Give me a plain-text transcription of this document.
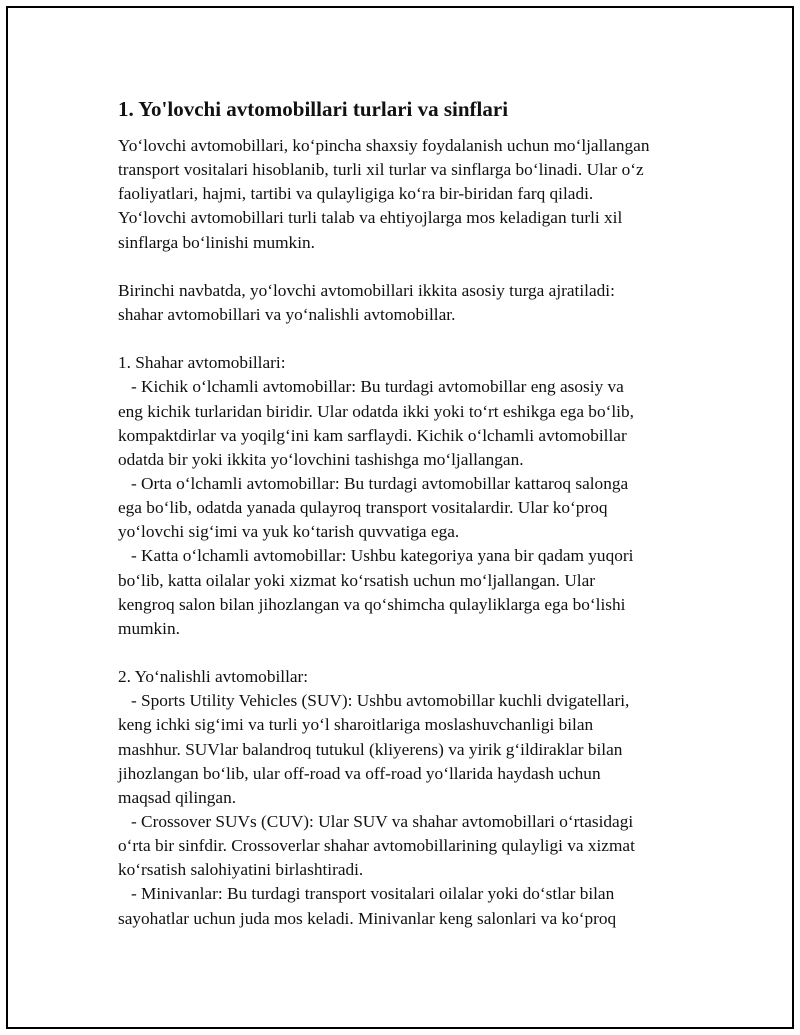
1. Yo'lovchi avtomobillari turlari va sinflari
Yo‘lovchi avtomobillari, ko‘pincha shaxsiy foydalanish uchun mo‘ljallangan
transport vositalari hisoblanib, turli xil turlar va sinflarga bo‘linadi. Ular o‘z
faoliyatlari, hajmi, tartibi va qulayligiga ko‘ra bir-biridan farq qiladi.
Yo‘lovchi avtomobillari turli talab va ehtiyojlarga mos keladigan turli xil
sinflarga bo‘linishi mumkin.
Birinchi navbatda, yo‘lovchi avtomobillari ikkita asosiy turga ajratiladi:
shahar avtomobillari va yo‘nalishli avtomobillar.
1. Shahar avtomobillari:
- Kichik o‘lchamli avtomobillar: Bu turdagi avtomobillar eng asosiy va
eng kichik turlaridan biridir. Ular odatda ikki yoki to‘rt eshikga ega bo‘lib,
kompaktdirlar va yoqilg‘ini kam sarflaydi. Kichik o‘lchamli avtomobillar
odatda bir yoki ikkita yo‘lovchini tashishga mo‘ljallangan.
- Orta o‘lchamli avtomobillar: Bu turdagi avtomobillar kattaroq salonga
ega bo‘lib, odatda yanada qulayroq transport vositalardir. Ular ko‘proq
yo‘lovchi sig‘imi va yuk ko‘tarish quvvatiga ega.
- Katta o‘lchamli avtomobillar: Ushbu kategoriya yana bir qadam yuqori
bo‘lib, katta oilalar yoki xizmat ko‘rsatish uchun mo‘ljallangan. Ular
kengroq salon bilan jihozlangan va qo‘shimcha qulayliklarga ega bo‘lishi
mumkin.
2. Yo‘nalishli avtomobillar:
- Sports Utility Vehicles (SUV): Ushbu avtomobillar kuchli dvigatellari,
keng ichki sig‘imi va turli yo‘l sharoitlariga moslashuvchanligi bilan
mashhur. SUVlar balandroq tutukul (kliyerens) va yirik g‘ildiraklar bilan
jihozlangan bo‘lib, ular off-road va off-road yo‘llarida haydash uchun
maqsad qilingan.
- Crossover SUVs (CUV): Ular SUV va shahar avtomobillari o‘rtasidagi
o‘rta bir sinfdir. Crossoverlar shahar avtomobillarining qulayligi va xizmat
ko‘rsatish salohiyatini birlashtiradi.
- Minivanlar: Bu turdagi transport vositalari oilalar yoki do‘stlar bilan
sayohatlar uchun juda mos keladi. Minivanlar keng salonlari va ko‘proq
